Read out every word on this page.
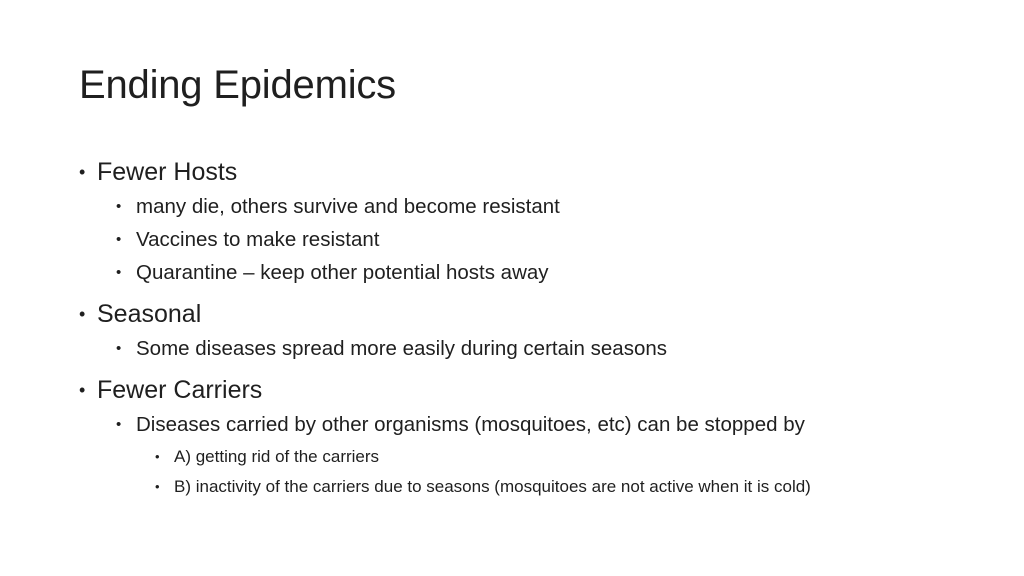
Ending Epidemics
• Fewer Hosts
• many die, others survive and become resistant
• Vaccines to make resistant
• Quarantine – keep other potential hosts away
• Seasonal
• Some diseases spread more easily during certain seasons
• Fewer Carriers
• Diseases carried by other organisms (mosquitoes, etc) can be stopped by
• A) getting rid of the carriers
• B) inactivity of the carriers due to seasons (mosquitoes are not active when it is cold)
